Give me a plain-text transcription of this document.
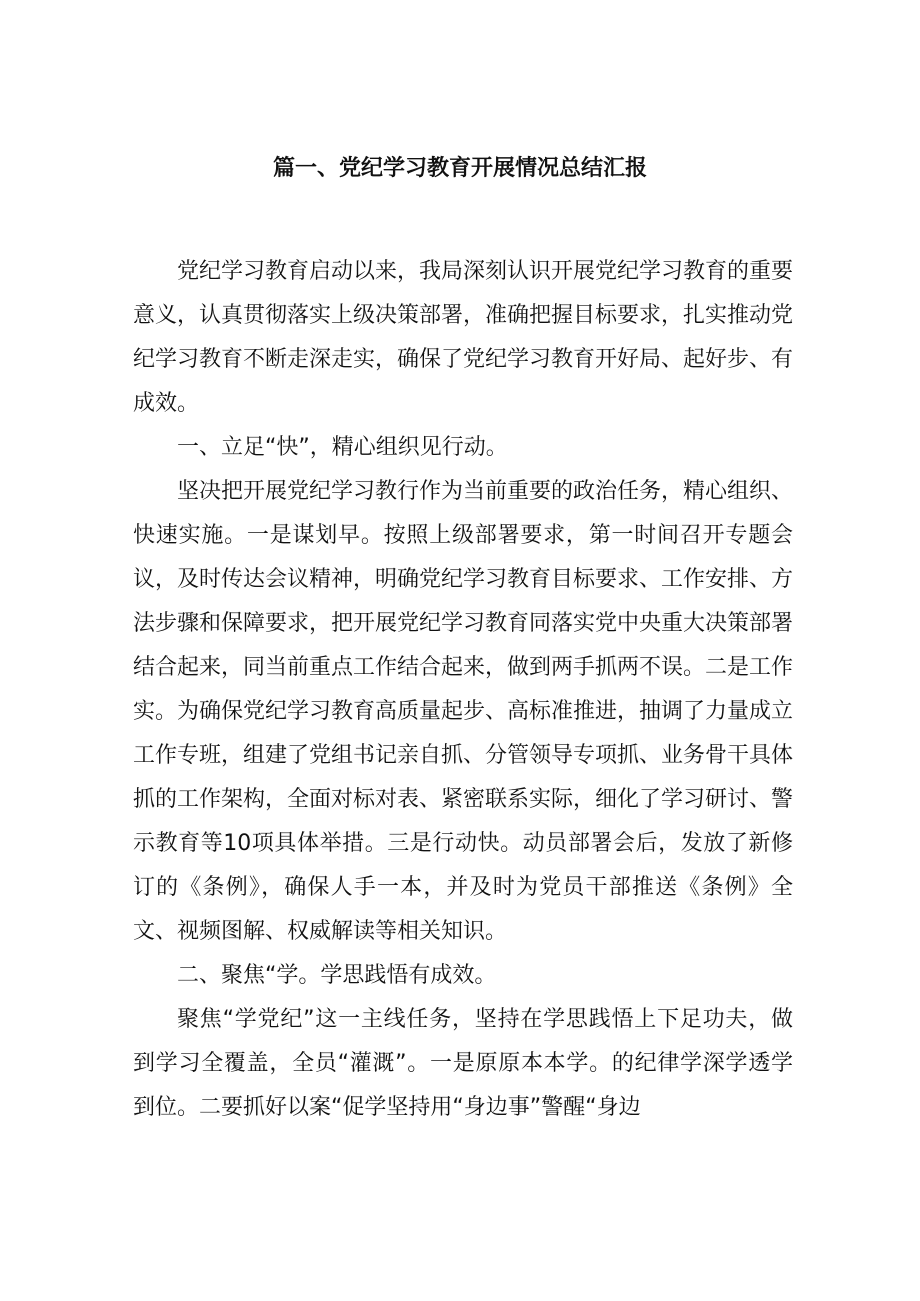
篇一、党纪学习教育开展情况总结汇报

党纪学习教育启动以来，我局深刻认识开展党纪学习教育的重要意义，认真贯彻落实上级决策部署，准确把握目标要求，扎实推动党纪学习教育不断走深走实，确保了党纪学习教育开好局、起好步、有成效。

一、立足“快”，精心组织见行动。

坚决把开展党纪学习教行作为当前重要的政治任务，精心组织、快速实施。一是谋划早。按照上级部署要求，第一时间召开专题会议，及时传达会议精神，明确党纪学习教育目标要求、工作安排、方法步骤和保障要求，把开展党纪学习教育同落实党中央重大决策部署结合起来，同当前重点工作结合起来，做到两手抓两不误。二是工作实。为确保党纪学习教育高质量起步、高标准推进，抽调了力量成立工作专班，组建了党组书记亲自抓、分管领导专项抓、业务骨干具体抓的工作架构，全面对标对表、紧密联系实际，细化了学习研讨、警示教育等10项具体举措。三是行动快。动员部署会后，发放了新修订的《条例》，确保人手一本，并及时为党员干部推送《条例》全文、视频图解、权威解读等相关知识。

二、聚焦“学。学思践悟有成效。

聚焦“学党纪”这一主线任务，坚持在学思践悟上下足功夫，做到学习全覆盖，全员“灌溉”。一是原原本本学。的纪律学深学透学到位。二要抓好以案“促学坚持用“身边事”警醒“身边
